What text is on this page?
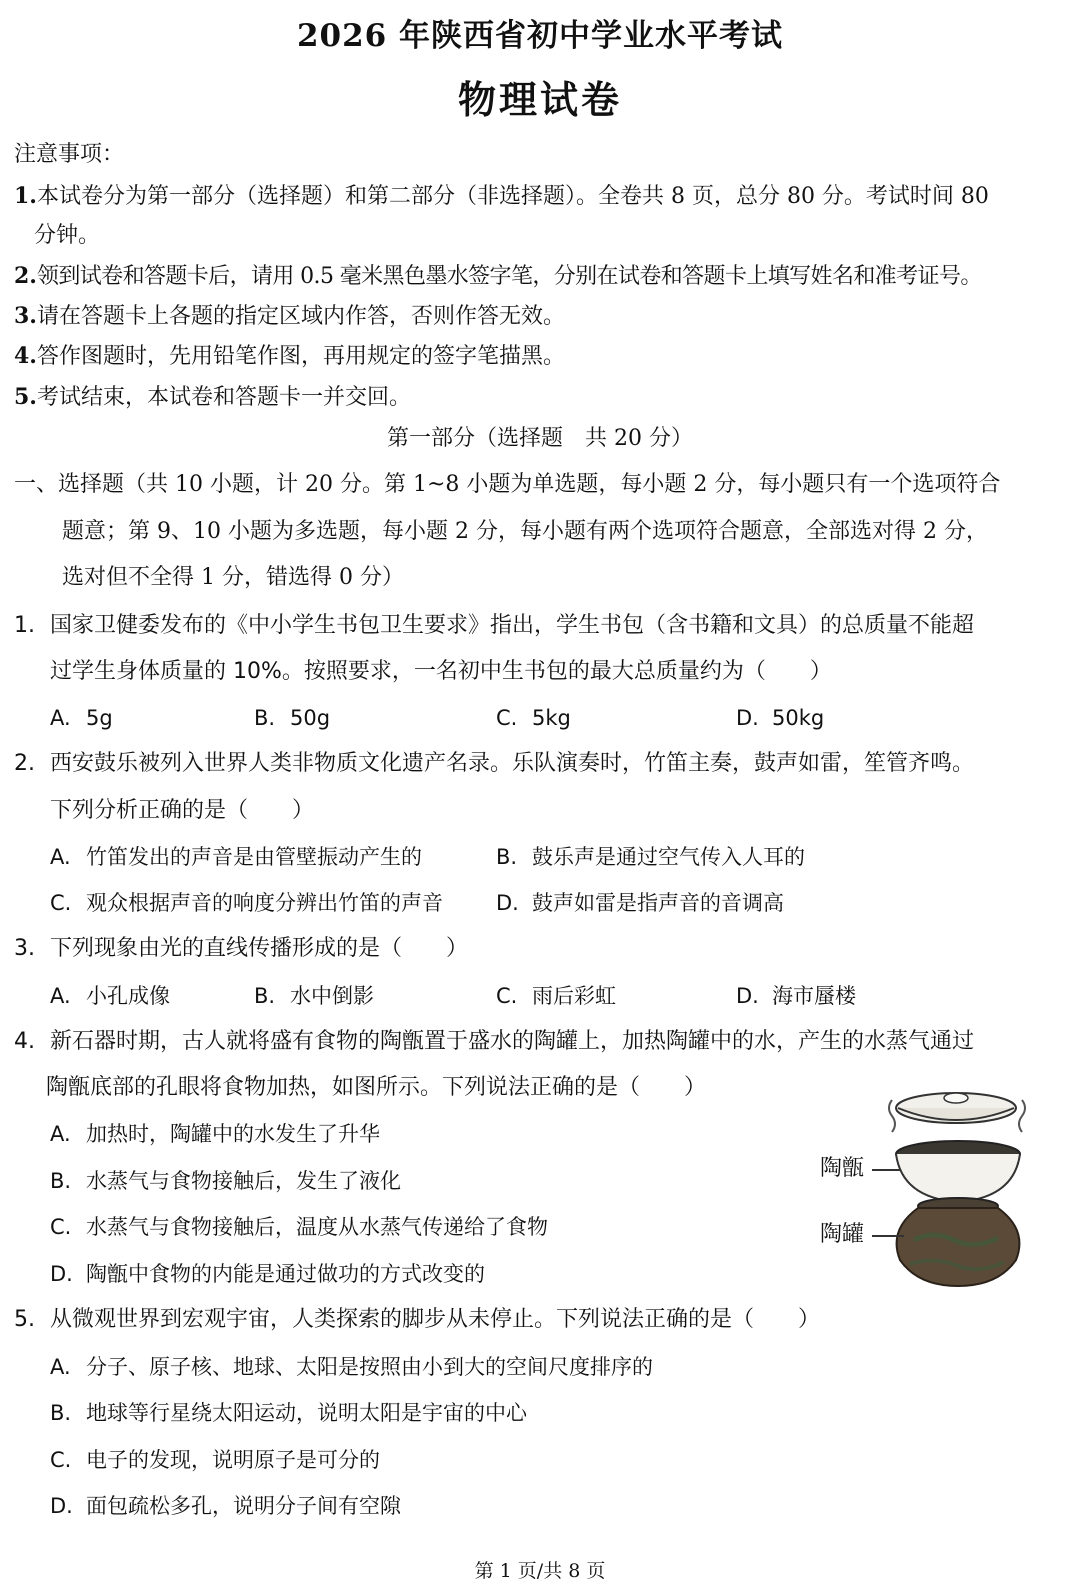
2026 年陕西省初中学业水平考试
物理试卷
注意事项：
1.本试卷分为第一部分（选择题）和第二部分（非选择题）。全卷共 8 页，总分 80 分。考试时间 80
分钟。
2.领到试卷和答题卡后，请用 0.5 毫米黑色墨水签字笔，分别在试卷和答题卡上填写姓名和准考证号。
3.请在答题卡上各题的指定区域内作答，否则作答无效。
4.答作图题时，先用铅笔作图，再用规定的签字笔描黑。
5.考试结束，本试卷和答题卡一并交回。
第一部分（选择题　共 20 分）
一、选择题（共 10 小题，计 20 分。第 1~8 小题为单选题，每小题 2 分，每小题只有一个选项符合
题意；第 9、10 小题为多选题，每小题 2 分，每小题有两个选项符合题意，全部选对得 2 分，
选对但不全得 1 分，错选得 0 分）
1. 国家卫健委发布的《中小学生书包卫生要求》指出，学生书包（含书籍和文具）的总质量不能超
过学生身体质量的 10%。按照要求，一名初中生书包的最大总质量约为（　　）
A. 5g	B. 50g	C. 5kg	D. 50kg
2. 西安鼓乐被列入世界人类非物质文化遗产名录。乐队演奏时，竹笛主奏，鼓声如雷，笙管齐鸣。
下列分析正确的是（　　）
A. 竹笛发出的声音是由管壁振动产生的	B. 鼓乐声是通过空气传入人耳的
C. 观众根据声音的响度分辨出竹笛的声音	D. 鼓声如雷是指声音的音调高
3. 下列现象由光的直线传播形成的是（　　）
A. 小孔成像	B. 水中倒影	C. 雨后彩虹	D. 海市蜃楼
4. 新石器时期，古人就将盛有食物的陶甑置于盛水的陶罐上，加热陶罐中的水，产生的水蒸气通过
陶甑底部的孔眼将食物加热，如图所示。下列说法正确的是（　　）
A. 加热时，陶罐中的水发生了升华
B. 水蒸气与食物接触后，发生了液化
C. 水蒸气与食物接触后，温度从水蒸气传递给了食物
D. 陶甑中食物的内能是通过做功的方式改变的
陶甑
陶罐
5. 从微观世界到宏观宇宙，人类探索的脚步从未停止。下列说法正确的是（　　）
A. 分子、原子核、地球、太阳是按照由小到大的空间尺度排序的
B. 地球等行星绕太阳运动，说明太阳是宇宙的中心
C. 电子的发现，说明原子是可分的
D. 面包疏松多孔，说明分子间有空隙
第 1 页/共 8 页
